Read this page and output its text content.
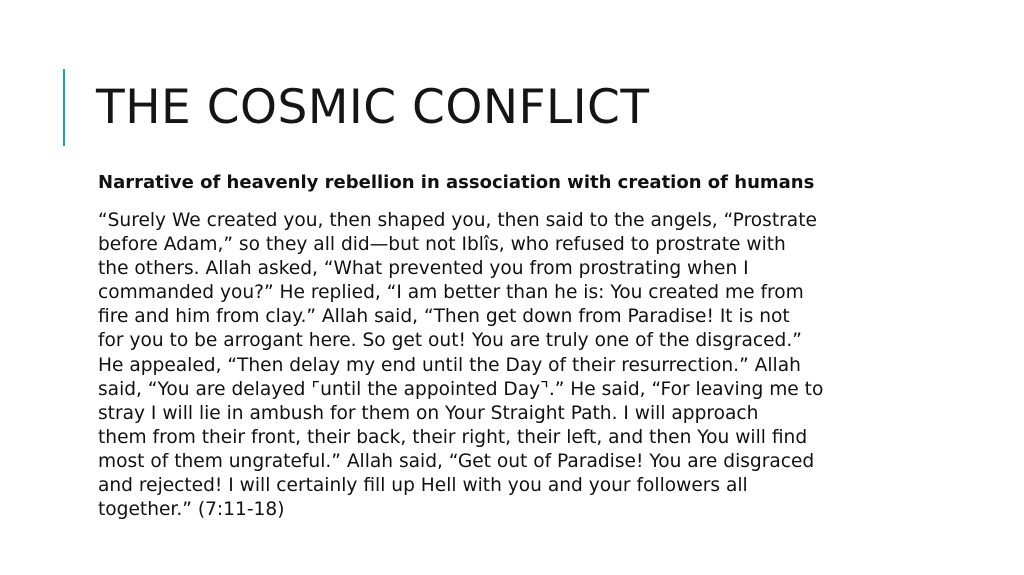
THE COSMIC CONFLICT

Narrative of heavenly rebellion in association with creation of humans

“Surely We created you, then shaped you, then said to the angels, “Prostrate
before Adam,” so they all did—but not Iblîs, who refused to prostrate with
the others. Allah asked, “What prevented you from prostrating when I
commanded you?” He replied, “I am better than he is: You created me from
fire and him from clay.” Allah said, “Then get down from Paradise! It is not
for you to be arrogant here. So get out! You are truly one of the disgraced.”
He appealed, “Then delay my end until the Day of their resurrection.” Allah
said, “You are delayed ⌜until the appointed Day⌝.” He said, “For leaving me to
stray I will lie in ambush for them on Your Straight Path. I will approach
them from their front, their back, their right, their left, and then You will find
most of them ungrateful.” Allah said, “Get out of Paradise! You are disgraced
and rejected! I will certainly fill up Hell with you and your followers all
together.” (7:11-18)
